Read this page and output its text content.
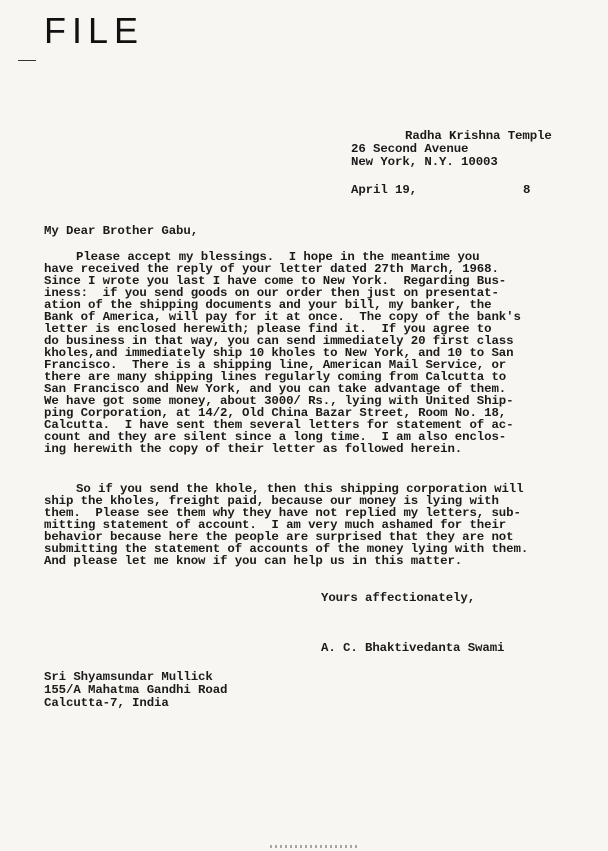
FILE
Radha Krishna Temple
26 Second Avenue
New York, N.Y. 10003
April 19,	8
My Dear Brother Gabu,
Please accept my blessings.  I hope in the meantime you
have received the reply of your letter dated 27th March, 1968.
Since I wrote you last I have come to New York.  Regarding Bus-
iness:  if you send goods on our order then just on presentat-
ation of the shipping documents and your bill, my banker, the
Bank of America, will pay for it at once.  The copy of the bank's
letter is enclosed herewith; please find it.  If you agree to
do business in that way, you can send immediately 20 first class
kholes,and immediately ship 10 kholes to New York, and 10 to San
Francisco.  There is a shipping line, American Mail Service, or
there are many shipping lines regularly coming from Calcutta to
San Francisco and New York, and you can take advantage of them.
We have got some money, about 3000/ Rs., lying with United Ship-
ping Corporation, at 14/2, Old China Bazar Street, Room No. 18,
Calcutta.  I have sent them several letters for statement of ac-
count and they are silent since a long time.  I am also enclos-
ing herewith the copy of their letter as followed herein.
So if you send the khole, then this shipping corporation will
ship the kholes, freight paid, because our money is lying with
them.  Please see them why they have not replied my letters, sub-
mitting statement of account.  I am very much ashamed for their
behavior because here the people are surprised that they are not
submitting the statement of accounts of the money lying with them.
And please let me know if you can help us in this matter.
Yours affectionately,
A. C. Bhaktivedanta Swami
Sri Shyamsundar Mullick
155/A Mahatma Gandhi Road
Calcutta-7, India
